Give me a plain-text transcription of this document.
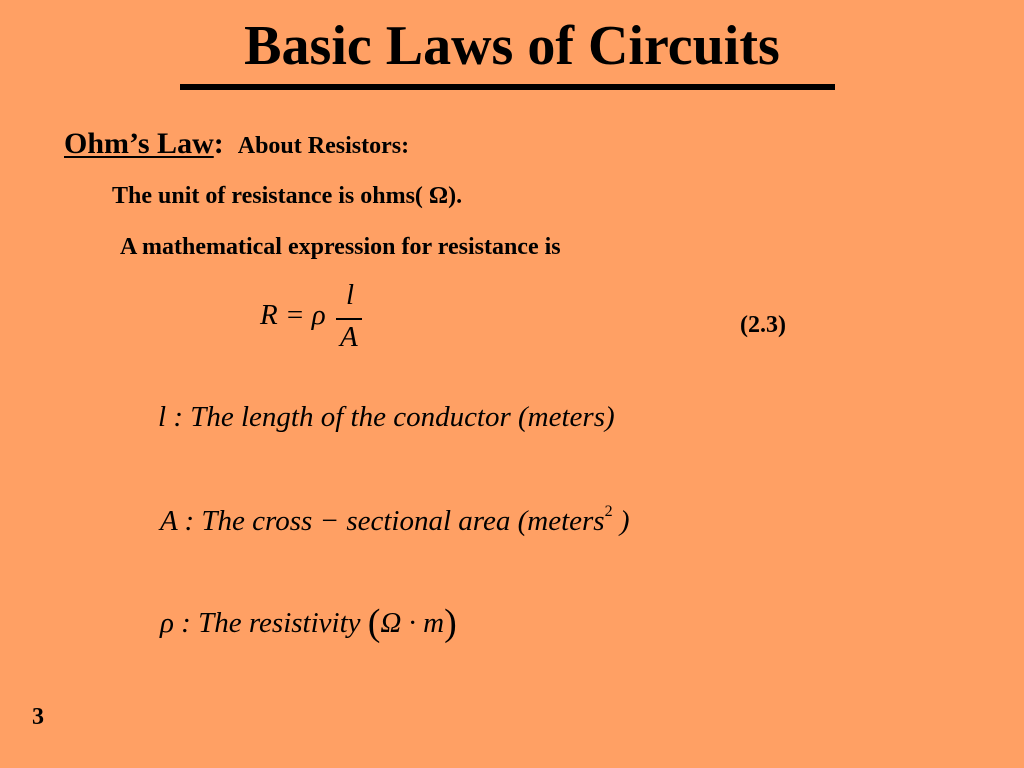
Basic Laws of Circuits
Ohm’s Law: About Resistors:
The unit of resistance is ohms( Ω).
A mathematical expression for resistance is
R = ρ
l
A	(2.3)
l : The length of the conductor (meters)
A : The cross − sectional area (meters$^2$ )
ρ : The resistivity (Ω · m)
3
